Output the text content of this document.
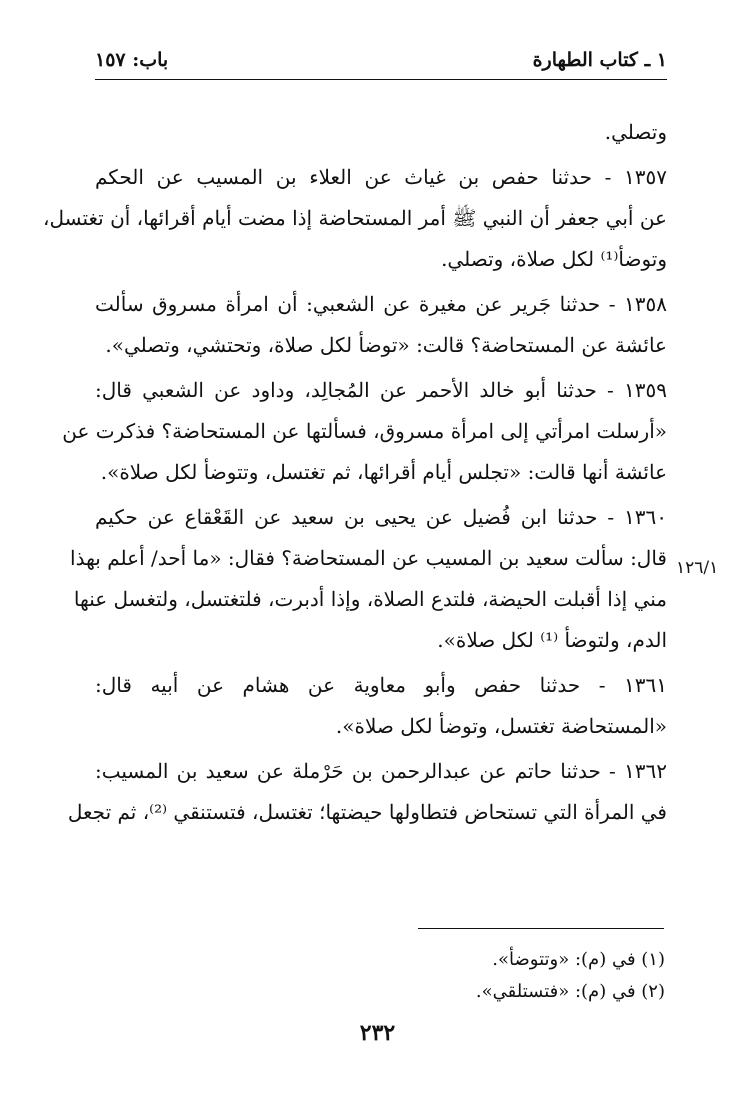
١ ـ كتاب الطهارة
باب: ١٥٧
وتصلي.
١٣٥٧ - حدثنا حفص بن غياث عن العلاء بن المسيب عن الحكم
عن أبي جعفر أن النبي ﷺ أمر المستحاضة إذا مضت أيام أقرائها، أن تغتسل،
وتوضأ⁽¹⁾ لكل صلاة، وتصلي.
١٣٥٨ - حدثنا جَرير عن مغيرة عن الشعبي: أن امرأة مسروق سألت
عائشة عن المستحاضة؟ قالت: «توضأ لكل صلاة، وتحتشي، وتصلي».
١٣٥٩ - حدثنا أبو خالد الأحمر عن المُجالِد، وداود عن الشعبي قال:
«أرسلت امرأتي إلى امرأة مسروق، فسألتها عن المستحاضة؟ فذكرت عن
عائشة أنها قالت: «تجلس أيام أقرائها، ثم تغتسل، وتتوضأ لكل صلاة».
١٣٦٠ - حدثنا ابن فُضيل عن يحيى بن سعيد عن القَعْقاع عن حكيم
قال: سألت سعيد بن المسيب عن المستحاضة؟ فقال: «ما أحد/ أعلم بهذا
مني إذا أقبلت الحيضة، فلتدع الصلاة، وإذا أدبرت، فلتغتسل، ولتغسل عنها
الدم، ولتوضأ ⁽¹⁾ لكل صلاة».
١٣٦١ - حدثنا حفص وأبو معاوية عن هشام عن أبيه قال:
«المستحاضة تغتسل، وتوضأ لكل صلاة».
١٣٦٢ - حدثنا حاتم عن عبدالرحمن بن حَرْملة عن سعيد بن المسيب:
في المرأة التي تستحاض فتطاولها حيضتها؛ تغتسل، فتستنقي ⁽²⁾، ثم تجعل
١٢٦/١
(١) في (م): «وتتوضأ».
(٢) في (م): «فتستلقي».
٢٣٢
